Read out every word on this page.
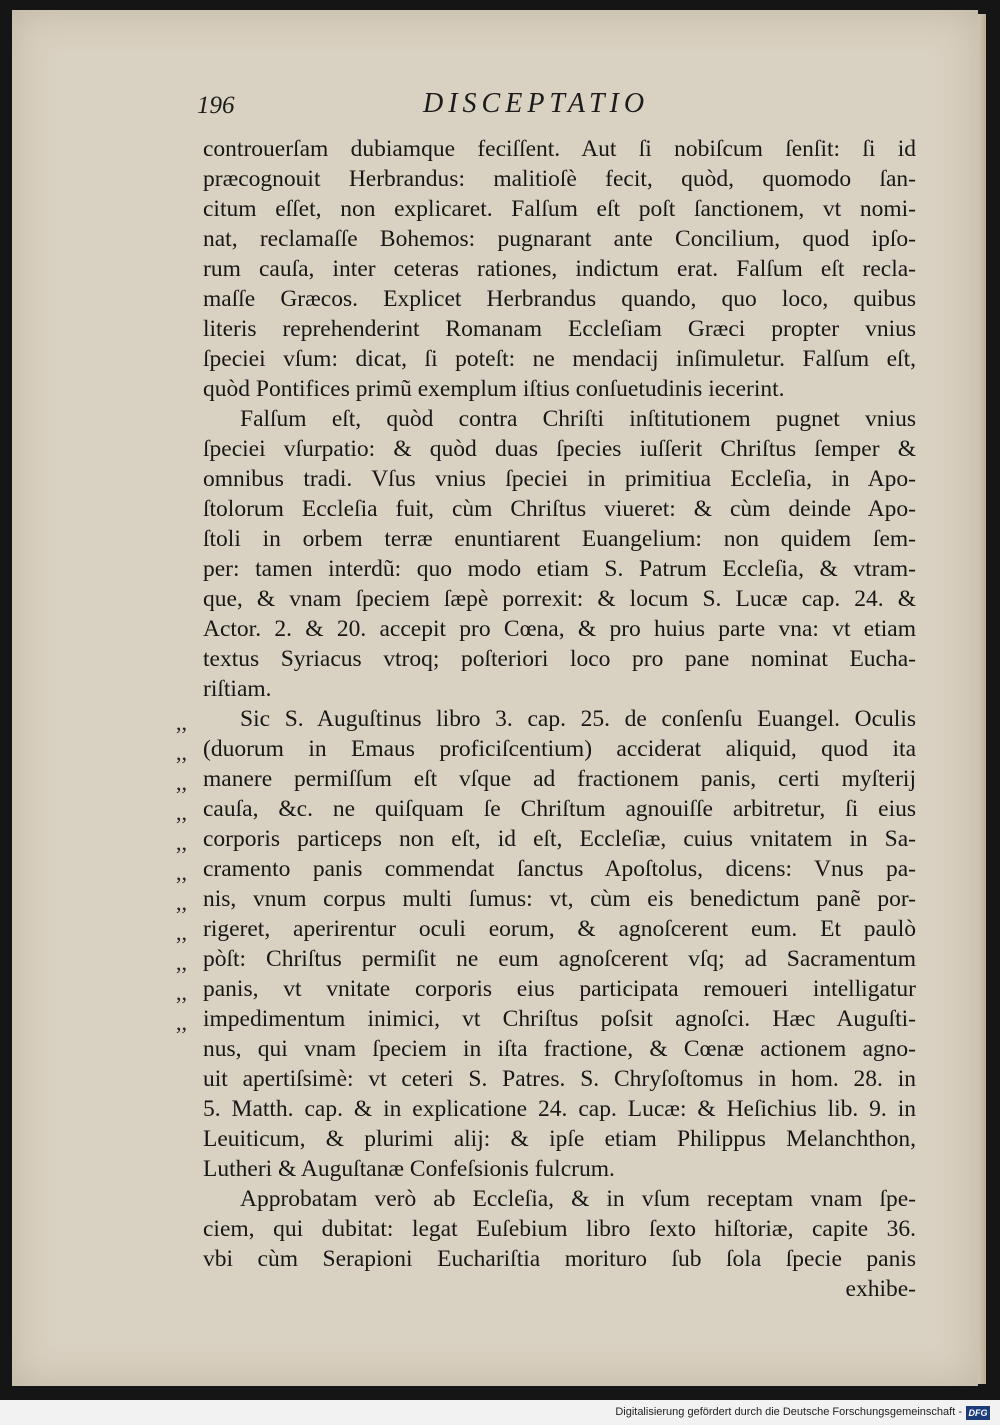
196	DISCEPTATIO
controuerſam dubiamque feciſſent. Aut ſi nobiſcum ſenſit: ſi id
præcognouit Herbrandus: malitioſè fecit, quòd, quomodo ſan-
citum eſſet, non explicaret. Falſum eſt poſt ſanctionem, vt nomi-
nat, reclamaſſe Bohemos: pugnarant ante Concilium, quod ipſo-
rum cauſa, inter ceteras rationes, indictum erat. Falſum eſt recla-
maſſe Græcos. Explicet Herbrandus quando, quo loco, quibus
literis reprehenderint Romanam Eccleſiam Græci propter vnius
ſpeciei vſum: dicat, ſi poteſt: ne mendacij inſimuletur. Falſum eſt,
quòd Pontifices primũ exemplum iſtius conſuetudinis iecerint.
Falſum eſt, quòd contra Chriſti inſtitutionem pugnet vnius
ſpeciei vſurpatio: & quòd duas ſpecies iuſſerit Chriſtus ſemper &
omnibus tradi. Vſus vnius ſpeciei in primitiua Eccleſia, in Apo-
ſtolorum Eccleſia fuit, cùm Chriſtus viueret: & cùm deinde Apo-
ſtoli in orbem terræ enuntiarent Euangelium: non quidem ſem-
per: tamen interdũ: quo modo etiam S. Patrum Eccleſia, & vtram-
que, & vnam ſpeciem ſæpè porrexit: & locum S. Lucæ cap. 24. &
Actor. 2. & 20. accepit pro Cœna, & pro huius parte vna: vt etiam
textus Syriacus vtroq; poſteriori loco pro pane nominat Eucha-
riſtiam.
Sic S. Auguſtinus libro 3. cap. 25. de conſenſu Euangel. Oculis
(duorum in Emaus proficiſcentium) acciderat aliquid, quod ita
manere permiſſum eſt vſque ad fractionem panis, certi myſterij
cauſa, &c. ne quiſquam ſe Chriſtum agnouiſſe arbitretur, ſi eius
corporis particeps non eſt, id eſt, Eccleſiæ, cuius vnitatem in Sa-
cramento panis commendat ſanctus Apoſtolus, dicens: Vnus pa-
nis, vnum corpus multi ſumus: vt, cùm eis benedictum panẽ por-
rigeret, aperirentur oculi eorum, & agnoſcerent eum. Et paulò
pòſt: Chriſtus permiſit ne eum agnoſcerent vſq; ad Sacramentum
panis, vt vnitate corporis eius participata remoueri intelligatur
impedimentum inimici, vt Chriſtus poſsit agnoſci. Hæc Auguſti-
nus, qui vnam ſpeciem in iſta fractione, & Cœnæ actionem agno-
uit apertiſsimè: vt ceteri S. Patres. S. Chryſoſtomus in hom. 28. in
5. Matth. cap. & in explicatione 24. cap. Lucæ: & Heſichius lib. 9. in
Leuiticum, & plurimi alij: & ipſe etiam Philippus Melanchthon,
Lutheri & Auguſtanæ Confeſsionis fulcrum.
Approbatam verò ab Eccleſia, & in vſum receptam vnam ſpe-
ciem, qui dubitat: legat Euſebium libro ſexto hiſtoriæ, capite 36.
vbi cùm Serapioni Euchariſtia morituro ſub ſola ſpecie panis
exhibe-
,,
,,
,,
,,
,,
,,
,,
,,
,,
,,
,,
Digitalisierung gefördert durch die Deutsche Forschungsgemeinschaft - DFG
